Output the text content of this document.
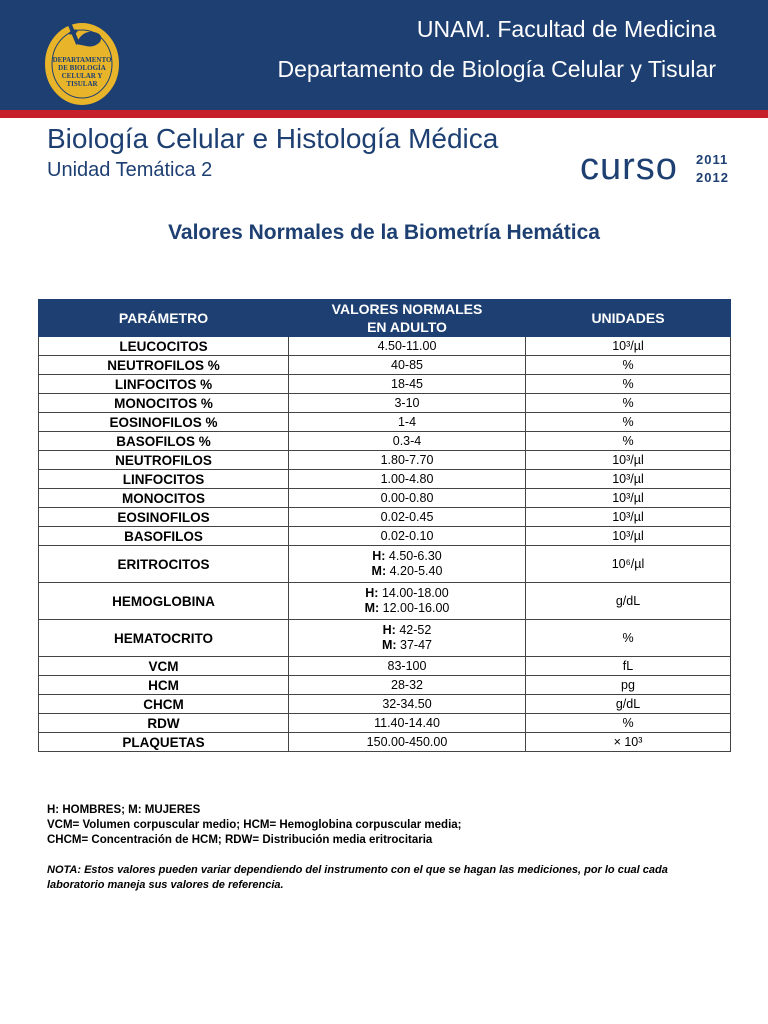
DEPARTAMENTO
DE BIOLOGÍA
CELULAR Y
TISULAR
UNAM. Facultad de Medicina
Departamento de Biología Celular y Tisular
Biología Celular e Histología Médica
Unidad Temática 2	curso 2011
2012
Valores Normales de la Biometría Hemática
PARÁMETRO	VALORES NORMALES
EN ADULTO	UNIDADES
LEUCOCITOS	4.50-11.00	10³/µl
NEUTROFILOS %	40-85	%
LINFOCITOS %	18-45	%
MONOCITOS %	3-10	%
EOSINOFILOS %	1-4	%
BASOFILOS %	0.3-4	%
NEUTROFILOS	1.80-7.70	10³/µl
LINFOCITOS	1.00-4.80	10³/µl
MONOCITOS	0.00-0.80	10³/µl
EOSINOFILOS	0.02-0.45	10³/µl
BASOFILOS	0.02-0.10	10³/µl
ERITROCITOS	H: 4.50-6.30
M: 4.20-5.40	10⁶/µl
HEMOGLOBINA	H: 14.00-18.00
M: 12.00-16.00	g/dL
HEMATOCRITO	H: 42-52
M: 37-47	%
VCM	83-100	fL
HCM	28-32	pg
CHCM	32-34.50	g/dL
RDW	11.40-14.40	%
PLAQUETAS	150.00-450.00	× 10³
H: HOMBRES; M: MUJERES
VCM= Volumen corpuscular medio; HCM= Hemoglobina corpuscular media;
CHCM= Concentración de HCM; RDW= Distribución media eritrocitaria
NOTA: Estos valores pueden variar dependiendo del instrumento con el que se hagan las mediciones, por lo cual cada laboratorio maneja sus valores de referencia.
